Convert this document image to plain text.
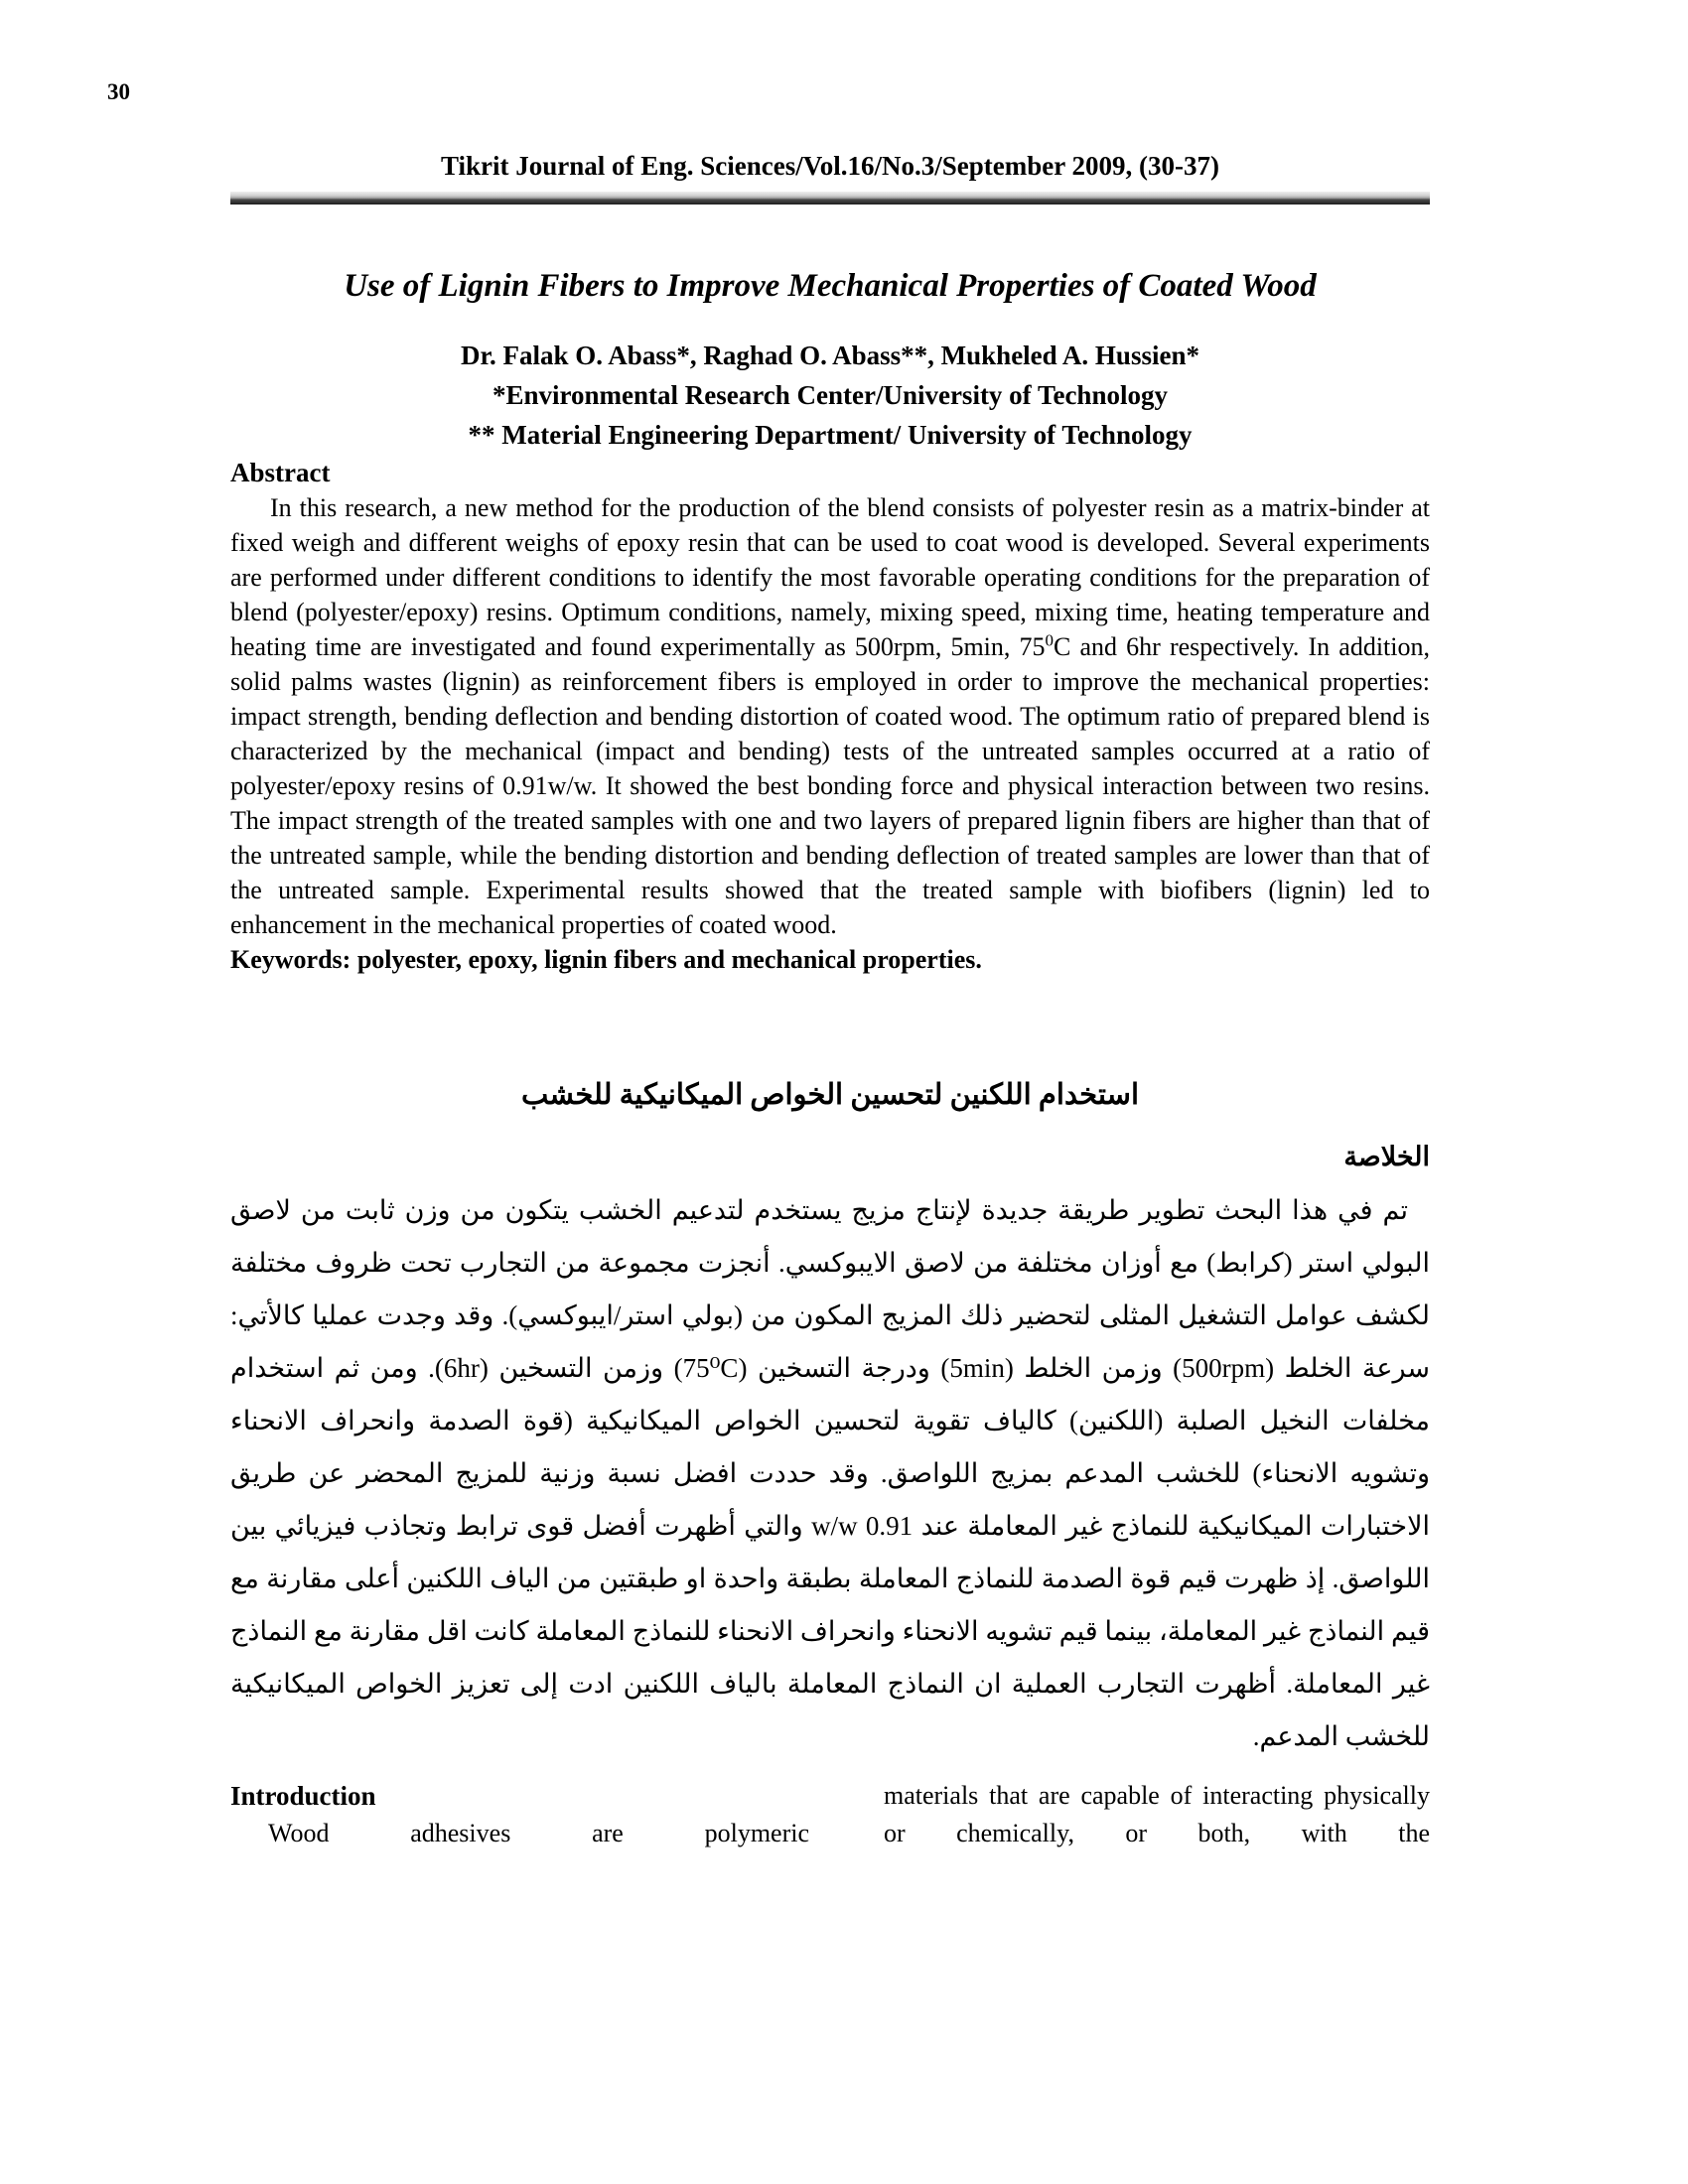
30
Tikrit Journal of Eng. Sciences/Vol.16/No.3/September 2009, (30-37)
Use of Lignin Fibers to Improve Mechanical Properties of Coated Wood
Dr. Falak O. Abass*, Raghad O. Abass**, Mukheled A. Hussien*
*Environmental Research Center/University of Technology
** Material Engineering Department/ University of Technology
Abstract

In this research, a new method for the production of the blend consists of polyester resin as a matrix-binder at fixed weigh and different weighs of epoxy resin that can be used to coat wood is developed. Several experiments are performed under different conditions to identify the most favorable operating conditions for the preparation of blend (polyester/epoxy) resins. Optimum conditions, namely, mixing speed, mixing time, heating temperature and heating time are investigated and found experimentally as 500rpm, 5min, $75^0C$ and 6hr respectively. In addition, solid palms wastes (lignin) as reinforcement fibers is employed in order to improve the mechanical properties: impact strength, bending deflection and bending distortion of coated wood. The optimum ratio of prepared blend is characterized by the mechanical (impact and bending) tests of the untreated samples occurred at a ratio of polyester/epoxy resins of 0.91w/w. It showed the best bonding force and physical interaction between two resins. The impact strength of the treated samples with one and two layers of prepared lignin fibers are higher than that of the untreated sample, while the bending distortion and bending deflection of treated samples are lower than that of the untreated sample. Experimental results showed that the treated sample with biofibers (lignin) led to enhancement in the mechanical properties of coated wood.

Keywords: polyester, epoxy, lignin fibers and mechanical properties.

استخدام اللكنين لتحسين الخواص الميكانيكية للخشب
الخلاصة

تم في هذا البحث تطوير طريقة جديدة لإنتاج مزيج يستخدم لتدعيم الخشب يتكون من وزن ثابت من لاصق البولي استر (كرابط) مع أوزان مختلفة من لاصق الايبوكسي. أنجزت مجموعة من التجارب تحت ظروف مختلفة لكشف عوامل التشغيل المثلى لتحضير ذلك المزيج المكون من (بولي استر/ايبوكسي). وقد وجدت عمليا كالأتي: سرعة الخلط (500rpm) وزمن الخلط (5min) ودرجة التسخين (75⁰C) وزمن التسخين (6hr). ومن ثم استخدام مخلفات النخيل الصلبة (اللكنين) كالياف تقوية لتحسين الخواص الميكانيكية (قوة الصدمة وانحراف الانحناء وتشويه الانحناء) للخشب المدعم بمزيج اللواصق. وقد حددت افضل نسبة وزنية للمزيج المحضر عن طريق الاختبارات الميكانيكية للنماذج غير المعاملة عند w/w 0.91 والتي أظهرت أفضل قوى ترابط وتجاذب فيزيائي بين اللواصق. إذ ظهرت قيم قوة الصدمة للنماذج المعاملة بطبقة واحدة او طبقتين من الياف اللكنين أعلى مقارنة مع قيم النماذج غير المعاملة، بينما قيم تشويه الانحناء وانحراف الانحناء للنماذج المعاملة كانت اقل مقارنة مع النماذج غير المعاملة. أظهرت التجارب العملية ان النماذج المعاملة بالياف اللكنين ادت إلى تعزيز الخواص الميكانيكية للخشب المدعم.

Introduction

Wood adhesives are polymeric

materials that are capable of interacting physically or chemically, or both, with the
